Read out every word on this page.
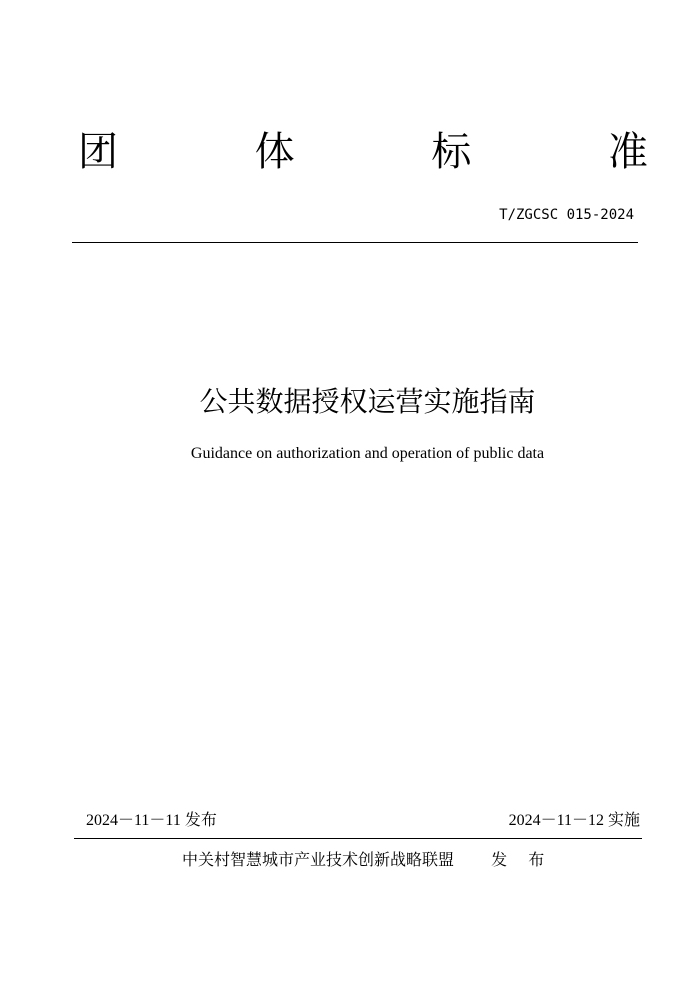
团	体	标	准
T/ZGCSC 015-2024
公共数据授权运营实施指南
Guidance on authorization and operation of public data
2024－11－11 发布	2024－11－12 实施
中关村智慧城市产业技术创新战略联盟 发 布
